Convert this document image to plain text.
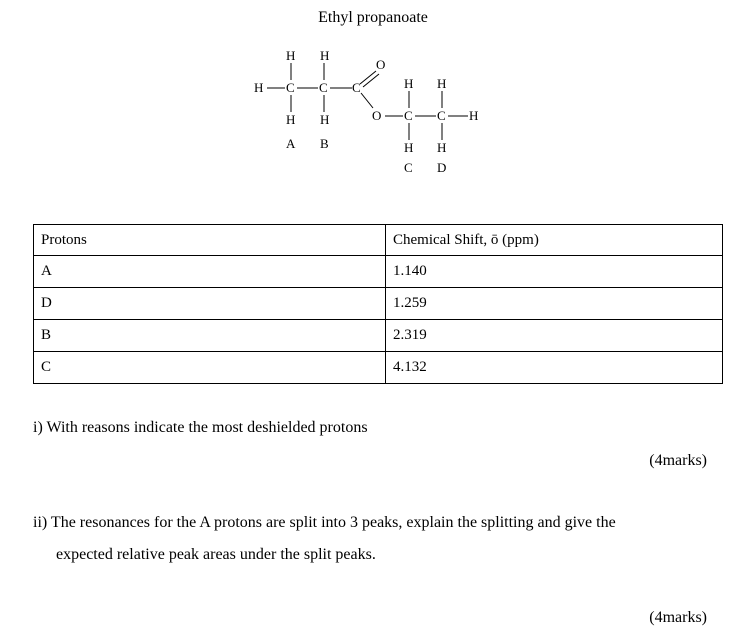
Ethyl propanoate
H H
H C C C
O
H H
A B
H H
O C C H
H H
C D
Protons	Chemical Shift, ō (ppm)
A	1.140
D	1.259
B	2.319
C	4.132
i) With reasons indicate the most deshielded protons
(4marks)
ii) The resonances for the A protons are split into 3 peaks, explain the splitting and give the
expected relative peak areas under the split peaks.
(4marks)
